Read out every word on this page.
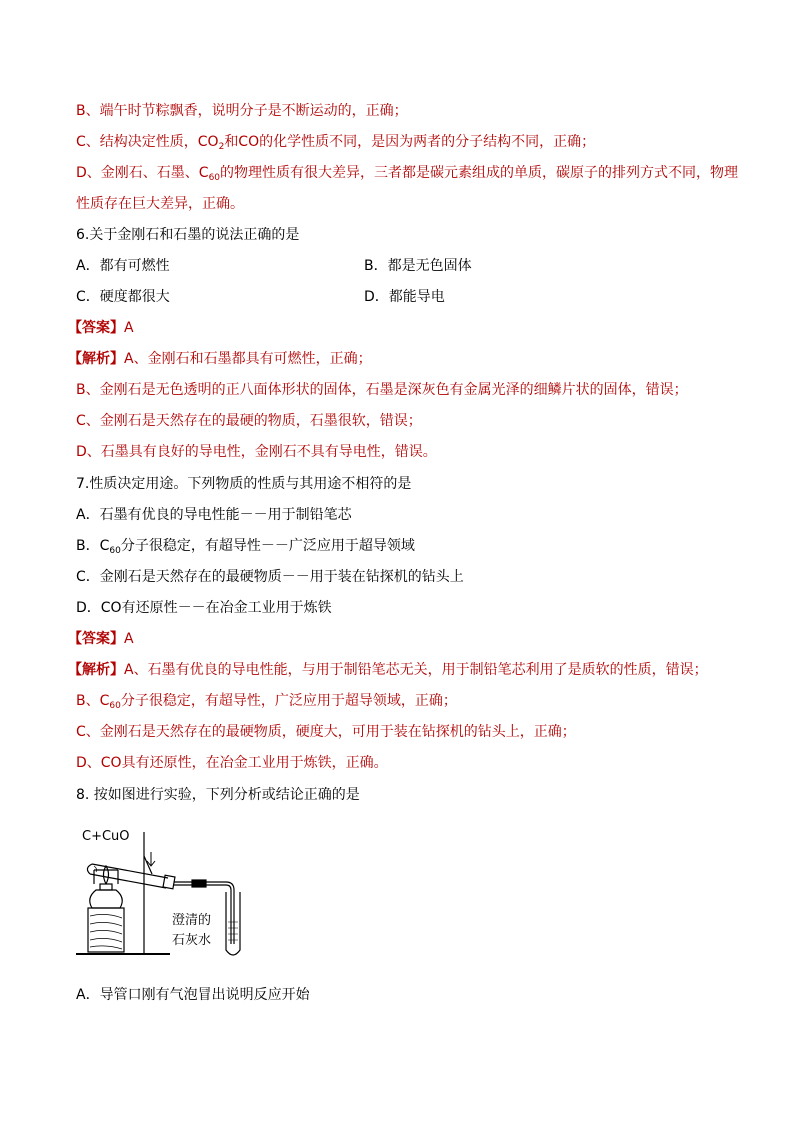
B、端午时节粽飘香，说明分子是不断运动的，正确；
C、结构决定性质，$CO_2$和CO的化学性质不同，是因为两者的分子结构不同，正确；
D、金刚石、石墨、$C_{60}$的物理性质有很大差异，三者都是碳元素组成的单质，碳原子的排列方式不同，物理
性质存在巨大差异，正确。
6.关于金刚石和石墨的说法正确的是
A．都有可燃性	B．都是无色固体
C．硬度都很大	D．都能导电
【答案】A
【解析】A、金刚石和石墨都具有可燃性，正确；
B、金刚石是无色透明的正八面体形状的固体，石墨是深灰色有金属光泽的细鳞片状的固体，错误；
C、金刚石是天然存在的最硬的物质，石墨很软，错误；
D、石墨具有良好的导电性，金刚石不具有导电性，错误。
7.性质决定用途。下列物质的性质与其用途不相符的是
A．石墨有优良的导电性能－－用于制铅笔芯
B．$C_{60}$分子很稳定，有超导性－－广泛应用于超导领域
C．金刚石是天然存在的最硬物质－－用于装在钻探机的钻头上
D．CO有还原性－－在冶金工业用于炼铁
【答案】A
【解析】A、石墨有优良的导电性能，与用于制铅笔芯无关，用于制铅笔芯利用了是质软的性质，错误；
B、$C_{60}$分子很稳定，有超导性，广泛应用于超导领域，正确；
C、金刚石是天然存在的最硬物质，硬度大，可用于装在钻探机的钻头上，正确；
D、CO具有还原性，在冶金工业用于炼铁，正确。
8. 按如图进行实验，下列分析或结论正确的是
C+CuO
澄清的
石灰水
A．导管口刚有气泡冒出说明反应开始
